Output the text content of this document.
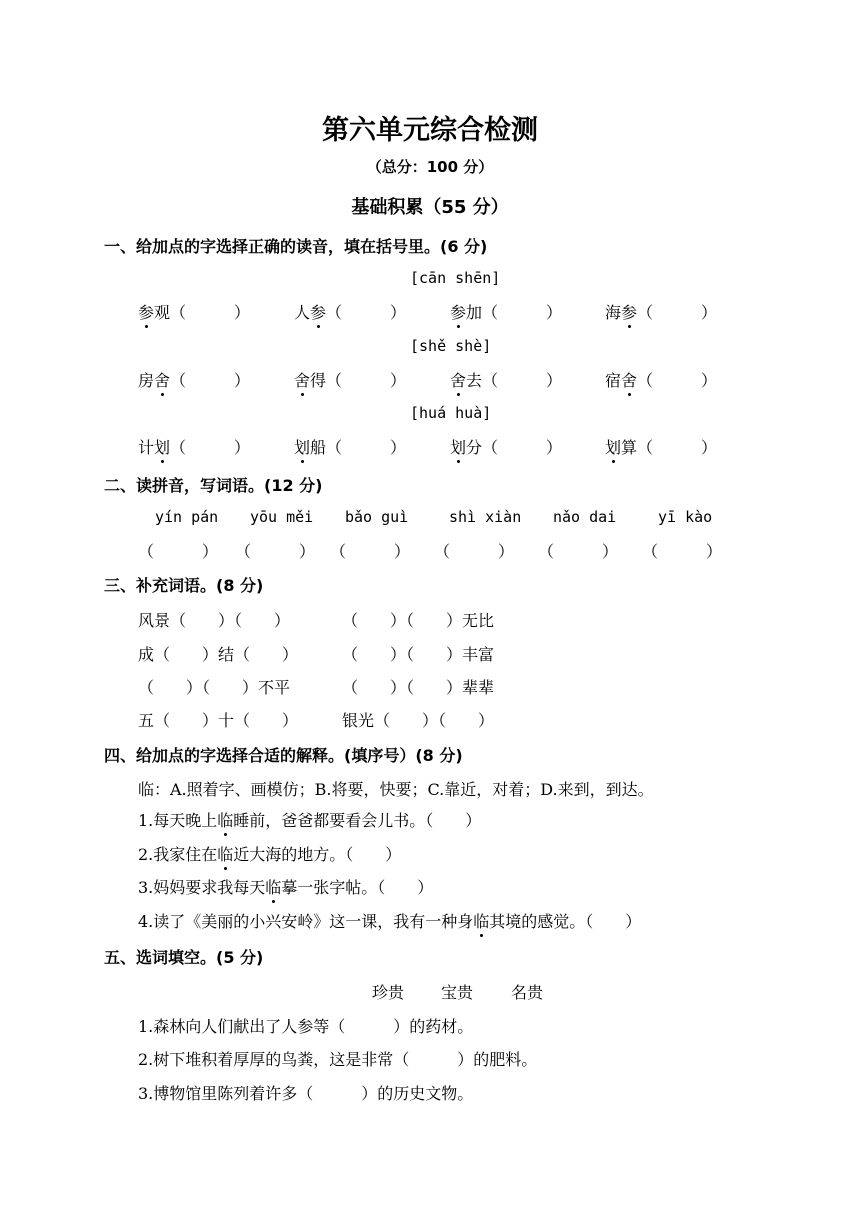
第六单元综合检测
（总分：100 分）
基础积累（55 分）
一、给加点的字选择正确的读音，填在括号里。(6 分)
[cān shēn]
参观（　　　）	人参（　　　）	参加（　　　）	海参（　　　）
[shě shè]
房舍（　　　）	舍得（　　　）	舍去（　　　）	宿舍（　　　）
[huá huà]
计划（　　　）	划船（　　　）	划分（　　　）	划算（　　　）
二、读拼音，写词语。(12 分)
yín pán
（　　　）
yōu měi
（　　　）
bǎo guì
（　　　）
shì xiàn
（　　　）
nǎo dai
（　　　）
yī kào
（　　　）
三、补充词语。(8 分)
风景（　　）（　　）	（　　）（　　）无比
成（　　）结（　　）	（　　）（　　）丰富
（　　）（　　）不平	（　　）（　　）辈辈
五（　　）十（　　）	银光（　　）（　　）
四、给加点的字选择合适的解释。(填序号）(8 分)
临：A.照着字、画模仿；B.将要，快要；C.靠近，对着；D.来到，到达。
1.每天晚上临睡前，爸爸都要看会儿书。（　　）
2.我家住在临近大海的地方。（　　）
3.妈妈要求我每天临摹一张字帖。（　　）
4.读了《美丽的小兴安岭》这一课，我有一种身临其境的感觉。（　　）
五、选词填空。(5 分)
珍贵 宝贵 名贵
1.森林向人们献出了人参等（　　　）的药材。
2.树下堆积着厚厚的鸟粪，这是非常（　　　）的肥料。
3.博物馆里陈列着许多（　　　）的历史文物。
